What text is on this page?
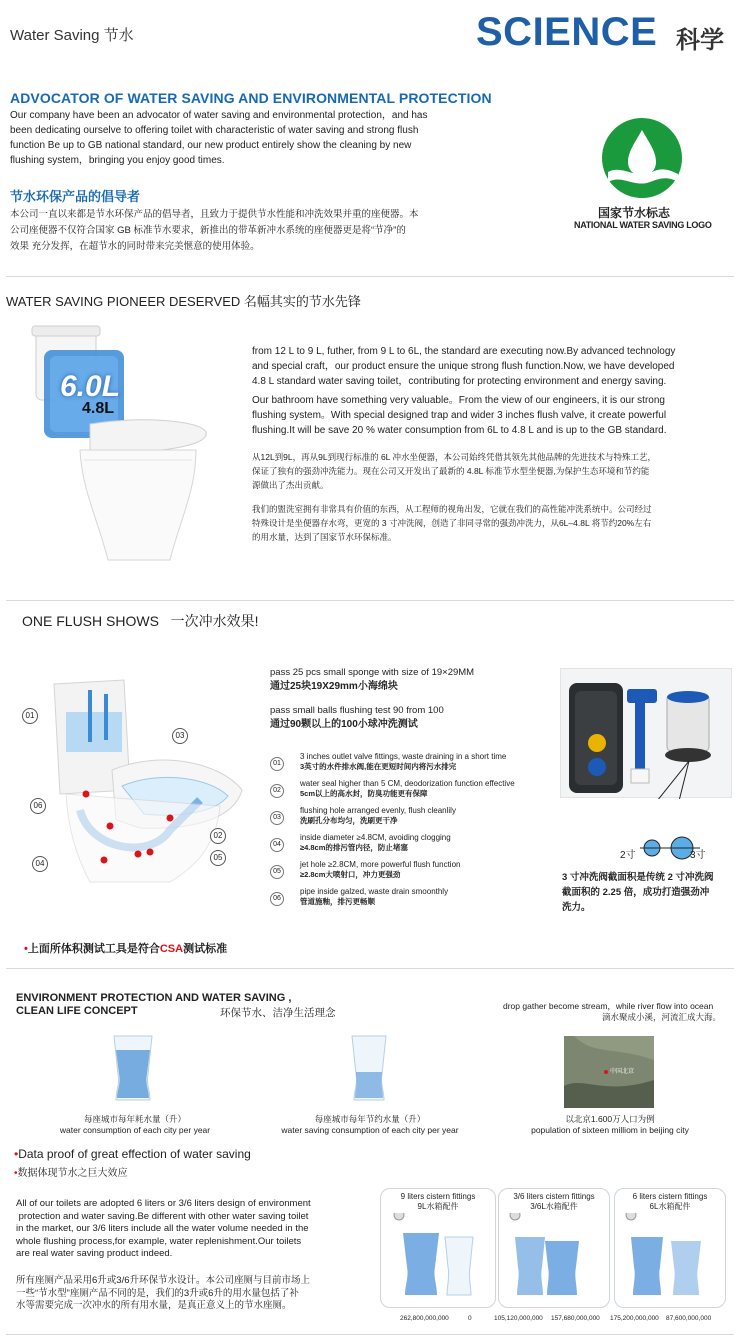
Water Saving 节水	SCIENCE 科学
ADVOCATOR OF WATER SAVING AND ENVIRONMENTAL PROTECTION
Our company have been an advocator of water saving and environmental protection，and has
been dedicating ourselve to offering toilet with characteristic of water saving and strong flush
function Be up to GB national standard, our new product entirely show the cleaning by new
flushing system，bringing you enjoy good times.
节水环保产品的倡导者
本公司一直以来都是节水环保产品的倡导者，且致力于提供节水性能和冲洗效果并重的座便器。本
公司座便器不仅符合国家 GB 标准节水要求，新推出的带革新冲水系统的座便器更是将“节净”的
效果 充分发挥，在超节水的同时带来完美惬意的使用体验。
国家节水标志
NATIONAL WATER SAVING LOGO
WATER SAVING PIONEER DESERVED 名幅其实的节水先锋
6.0L
4.8L
from 12 L to 9 L, futher, from 9 L to 6L, the standard are executing now.By advanced technology
and special craft，our product ensure the unique strong flush function.Now, we have developed
4.8 L standard water saving toilet，contributing for protecting environment and energy saving.
Our bathroom have something very valuable。From the view of our engineers, it is our strong
flushing system。With special designed trap and wider 3 inches flush valve, it create powerful
flushing.It will be save 20 % water consumption from 6L to 4.8 L and is up to the GB standard.
从12L到9L，再从9L到现行标准的 6L 冲水坐便器，本公司始终凭借其领先其他品牌的先进技术与特殊工艺，
保证了独有的强劲冲洗能力。现在公司又开发出了最新的 4.8L 标准节水型坐便器,为保护生态环境和节约能
源做出了杰出贡献。
我们的盥洗室拥有非常具有价值的东西，从工程师的视角出发，它就在我们的高性能冲洗系统中。公司经过
特殊设计是坐便器存水弯，更宽的 3 寸冲洗阀，创造了非同寻常的强劲冲洗力，从6L–4.8L 将节约20%左右
的用水量，达到了国家节水环保标准。
ONE FLUSH SHOWS   一次冲水效果!
01
03
06
02
04
05
pass 25 pcs small sponge with size of 19×29MM
通过25块19X29mm小海绵块
pass small balls flushing test 90 from 100
通过90颗以上的100小球冲洗测试
01
3 inches outlet valve fittings, waste draining in a short time
3英寸的水件排水阀,能在更短时间内将污水排完
02
water seal higher than 5 CM, deodorization function effective
5cm以上的高水封，防臭功能更有保障
03
flushing hole arranged evenly, flush cleanlily
洗刷孔分布均匀，洗刷更干净
04
inside diameter ≥4.8CM, avoiding clogging
≥4.8cm的排污管内径，防止堵塞
05
jet hole ≥2.8CM, more powerful flush function
≥2.8cm大喷射口，冲力更强劲
06
pipe inside galzed, waste drain smoonthly
管道施釉，排污更畅顺
2寸	3寸
3 寸冲洗阀截面积是传统 2 寸冲洗阀
截面积的 2.25 倍，成功打造强劲冲
洗力。
•上面所体积测试工具是符合CSA测试标准
ENVIRONMENT PROTECTION AND WATER SAVING ,
CLEAN LIFE CONCEPT	环保节水、洁净生活理念
drop gather become stream，while river flow into ocean
滴水聚成小溪，河流汇成大海。
中国北京
每座城市每年耗水量（升）
water consumption of each city per year
每座城市每年节约水量（升）
water saving consumption of each city per year
以北京1.600万人口为例
population of sixteen milliom in beijing city
•Data proof of great effection of water saving
•数据体现节水之巨大效应
All of our toilets are adopted 6 liters or 3/6 liters design of environment
protection and water saving.Be different with other water saving toilet
in the market, our 3/6 liters include all the water volume needed in the
whole flushing process,for example, water replenishment.Our toilets
are real water saving product indeed.
所有座厕产品采用6升或3/6升环保节水设计。本公司座厕与目前市场上
一些“节水型”座厕产品不同的是，我们的3升或6升的用水量包括了补
水等需要完成一次冲水的所有用水量，是真正意义上的节水座厕。
9 liters cistern fittings
9L水箱配件
3/6 liters cistern fittings
3/6L水箱配件
6 liters cistern fittings
6L水箱配件
262,800,000,000	0	105,120,000,000 157,680,000,000 175,200,000,000 87,600,000,000
